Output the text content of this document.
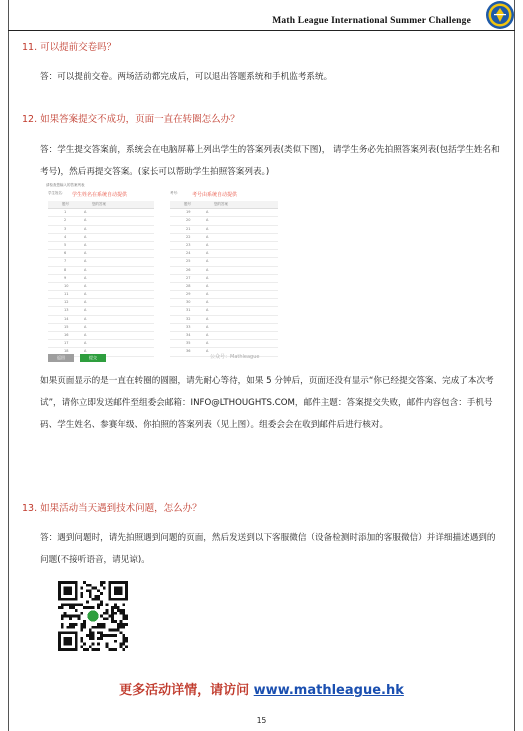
Math League International Summer Challenge
11. 可以提前交卷吗？

答：可以提前交卷。两场活动都完成后，可以退出答题系统和手机监考系统。

12. 如果答案提交不成功，页面一直在转圈怎么办？

答：学生提交答案前，系统会在电脑屏幕上列出学生的答案列表(类似下图)， 请学生务必先拍照答案列表(包括学生姓名和考号)，然后再提交答案。(家长可以帮助学生拍照答案列表。)

请检查您输入的答案列表
学生姓名： 学生姓名在系统自动提供
题号	您的答案
1	A
2	A
3	A
4	A
5	A
6	A
7	A
8	A
9	A
10	A
11	A
12	A
13	A
14	A
15	A
16	A
17	A
18	A
考号： 考号由系统自动提供
题号	您的答案
19	A
20	A
21	A
22	A
23	A
24	A
25	A
26	A
27	A
28	A
29	A
30	A
31	A
32	A
33	A
34	A
35	A
36	A
返回	提交	公众号：Mathleague

如果页面显示的是一直在转圈的圆圈，请先耐心等待，如果 5 分钟后，页面还没有显示“你已经提交答案、完成了本次考试”，请你立即发送邮件至组委会邮箱：INFO@LTHOUGHTS.COM，邮件主题：答案提交失败，邮件内容包含：手机号码、学生姓名、参赛年级、你拍照的答案列表（见上图）。组委会会在收到邮件后进行核对。

13. 如果活动当天遇到技术问题，怎么办？

答：遇到问题时，请先拍照遇到问题的页面，然后发送到以下客服微信（设备检测时添加的客服微信）并详细描述遇到的问题(不接听语音，请见谅)。

更多活动详情，请访问 www.mathleague.hk
15
